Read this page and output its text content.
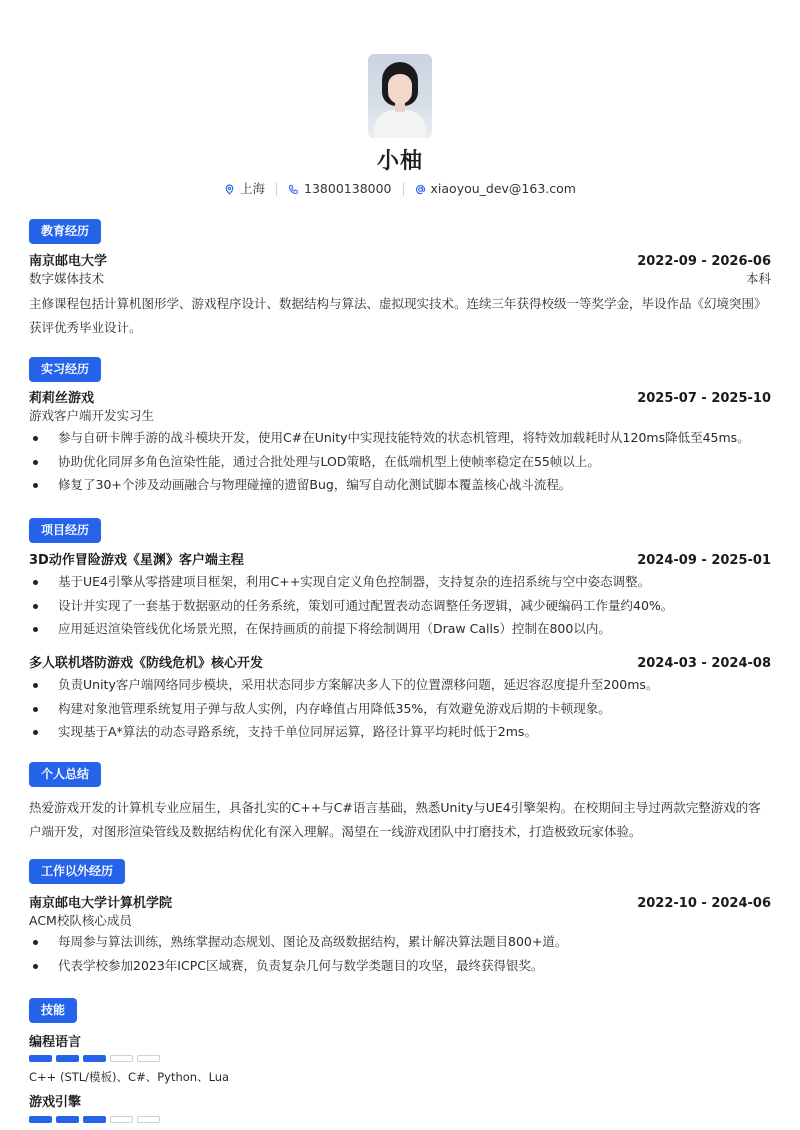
小柚
上海	13800138000	xiaoyou_dev@163.com
教育经历
南京邮电大学	2022-09 - 2026-06
数字媒体技术	本科
主修课程包括计算机图形学、游戏程序设计、数据结构与算法、虚拟现实技术。连续三年获得校级一等奖学金，毕设作品《幻境突围》获评优秀毕业设计。
实习经历
莉莉丝游戏	2025-07 - 2025-10
游戏客户端开发实习生
参与自研卡牌手游的战斗模块开发，使用C#在Unity中实现技能特效的状态机管理，将特效加载耗时从120ms降低至45ms。
协助优化同屏多角色渲染性能，通过合批处理与LOD策略，在低端机型上使帧率稳定在55帧以上。
修复了30+个涉及动画融合与物理碰撞的遗留Bug，编写自动化测试脚本覆盖核心战斗流程。
项目经历
3D动作冒险游戏《星渊》客户端主程	2024-09 - 2025-01
基于UE4引擎从零搭建项目框架，利用C++实现自定义角色控制器，支持复杂的连招系统与空中姿态调整。
设计并实现了一套基于数据驱动的任务系统，策划可通过配置表动态调整任务逻辑，减少硬编码工作量约40%。
应用延迟渲染管线优化场景光照，在保持画质的前提下将绘制调用（Draw Calls）控制在800以内。
多人联机塔防游戏《防线危机》核心开发	2024-03 - 2024-08
负责Unity客户端网络同步模块，采用状态同步方案解决多人下的位置漂移问题，延迟容忍度提升至200ms。
构建对象池管理系统复用子弹与敌人实例，内存峰值占用降低35%，有效避免游戏后期的卡顿现象。
实现基于A*算法的动态寻路系统，支持千单位同屏运算，路径计算平均耗时低于2ms。
个人总结
热爱游戏开发的计算机专业应届生，具备扎实的C++与C#语言基础，熟悉Unity与UE4引擎架构。在校期间主导过两款完整游戏的客户端开发，对图形渲染管线及数据结构优化有深入理解。渴望在一线游戏团队中打磨技术，打造极致玩家体验。
工作以外经历
南京邮电大学计算机学院	2022-10 - 2024-06
ACM校队核心成员
每周参与算法训练，熟练掌握动态规划、图论及高级数据结构，累计解决算法题目800+道。
代表学校参加2023年ICPC区域赛，负责复杂几何与数学类题目的攻坚，最终获得银奖。
技能
编程语言
C++ (STL/模板)、C#、Python、Lua
游戏引擎
